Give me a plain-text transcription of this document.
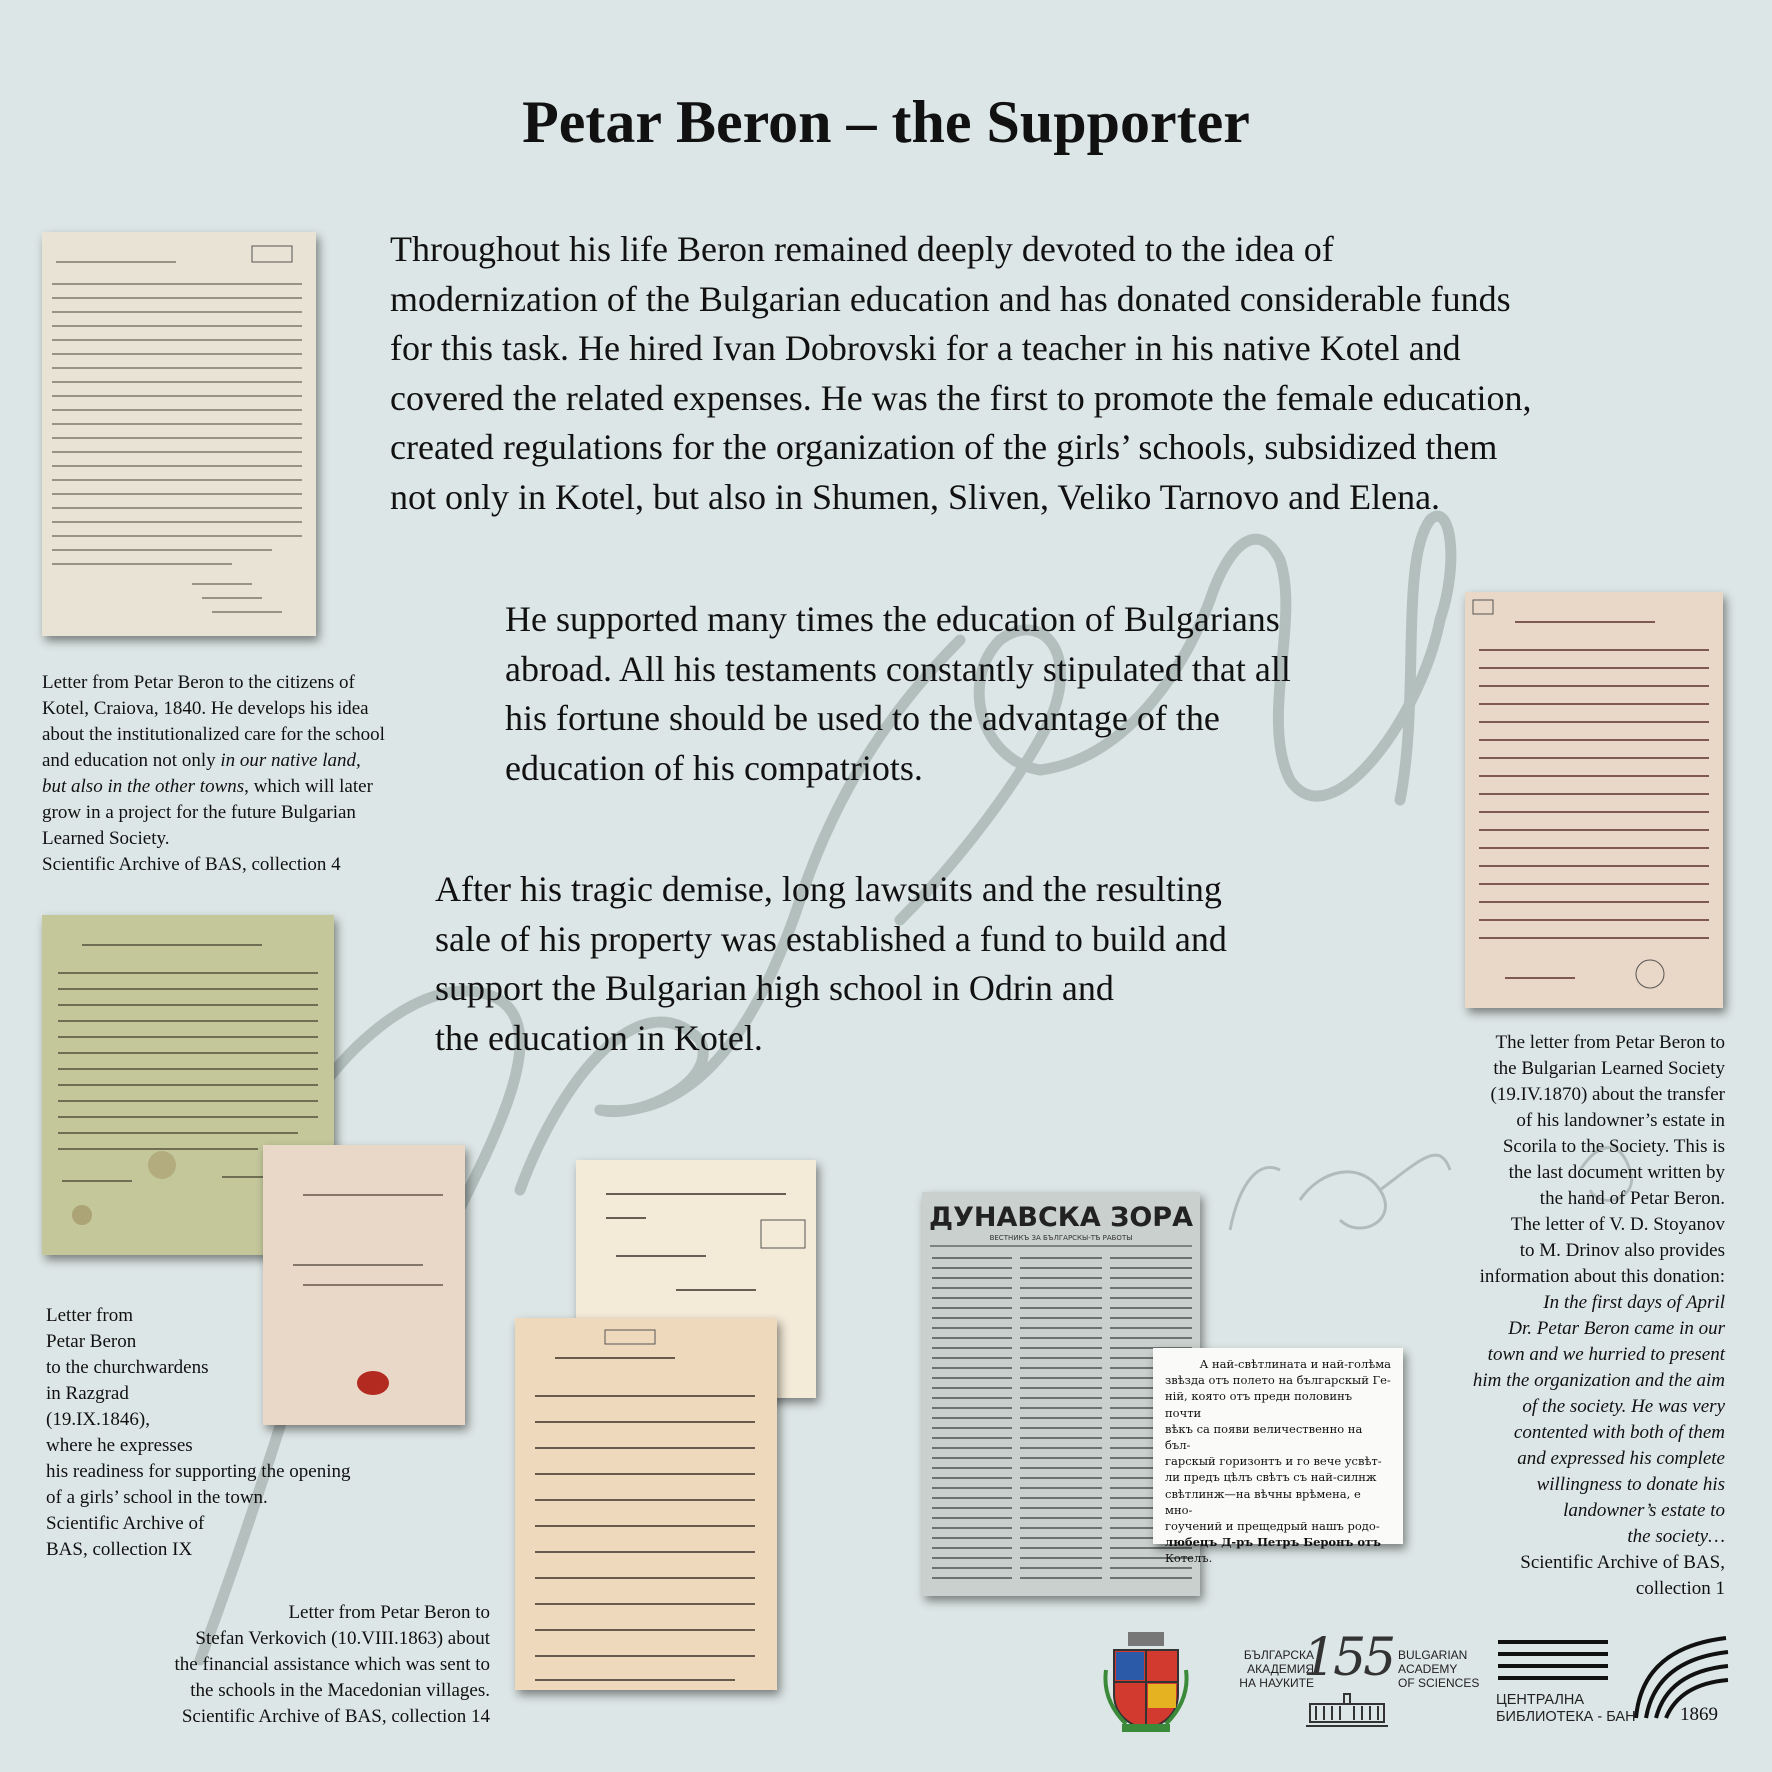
Petar Beron – the Supporter
Throughout his life Beron remained deeply devoted to the idea of
modernization of the Bulgarian education and has donated considerable funds
for this task. He hired Ivan Dobrovski for a teacher in his native Kotel and
covered the related expenses. He was the first to promote the female education,
created regulations for the organization of the girls’ schools, subsidized them
not only in Kotel, but also in Shumen, Sliven, Veliko Tarnovo and Elena.
He supported many times the education of Bulgarians
abroad. All his testaments constantly stipulated that all
his fortune should be used to the advantage of the
education of his compatriots.
After his tragic demise, long lawsuits and the resulting
sale of his property was established a fund to build and
support the Bulgarian high school in Odrin and
the education in Kotel.
Letter from Petar Beron to the citizens of
Kotel, Craiova, 1840. He develops his idea
about the institutionalized care for the school
and education not only in our native land,
but also in the other towns, which will later
grow in a project for the future Bulgarian
Learned Society.
Scientific Archive of BAS, collection 4
Letter from
Petar Beron
to the churchwardens
in Razgrad
(19.IX.1846),
where he expresses
his readiness for supporting the opening
of a girls’ school in the town.
Scientific Archive of
BAS, collection IX
Letter from Petar Beron to
Stefan Verkovich (10.VIII.1863) about
the financial assistance which was sent to
the schools in the Macedonian villages.
Scientific Archive of BAS, collection 14
ДУНАВСКА ЗОРА
ВЕСТНИКЪ ЗА БЪЛГАРСКЫ-ТѢ РАБОТЫ
А най-свѣтлината и най-голѣма
звѣзда отъ полето на българскый Ге-
ній, която отъ предн половинъ почти
вѣкъ са появи величественно на бъл-
гарскый горизонтъ и го вече усвѣт-
ли предъ цѣлъ свѣтъ съ най-силнж
свѣтлинж—на вѣчны врѣмена, е мно-
гоучений и прещедрый нашъ родо-
любецъ Д-ръ Петръ Беронъ отъ
Котелъ.
The letter from Petar Beron to
the Bulgarian Learned Society
(19.IV.1870) about the transfer
of his landowner’s estate in
Scorila to the Society. This is
the last document written by
the hand of Petar Beron.
The letter of V. D. Stoyanov
to M. Drinov also provides
information about this donation:
In the first days of April
Dr. Petar Beron came in our
town and we hurried to present
him the organization and the aim
of the society. He was very
contented with both of them
and expressed his complete
willingness to donate his
landowner’s estate to
the society…
Scientific Archive of BAS,
collection 1
БЪЛГАРСКА
АКАДЕМИЯ
НА НАУКИТЕ
155 BULGARIAN
ACADEMY
OF SCIENCES
ЦЕНТРАЛНА
БИБЛИОТЕКА - БАН 1869
